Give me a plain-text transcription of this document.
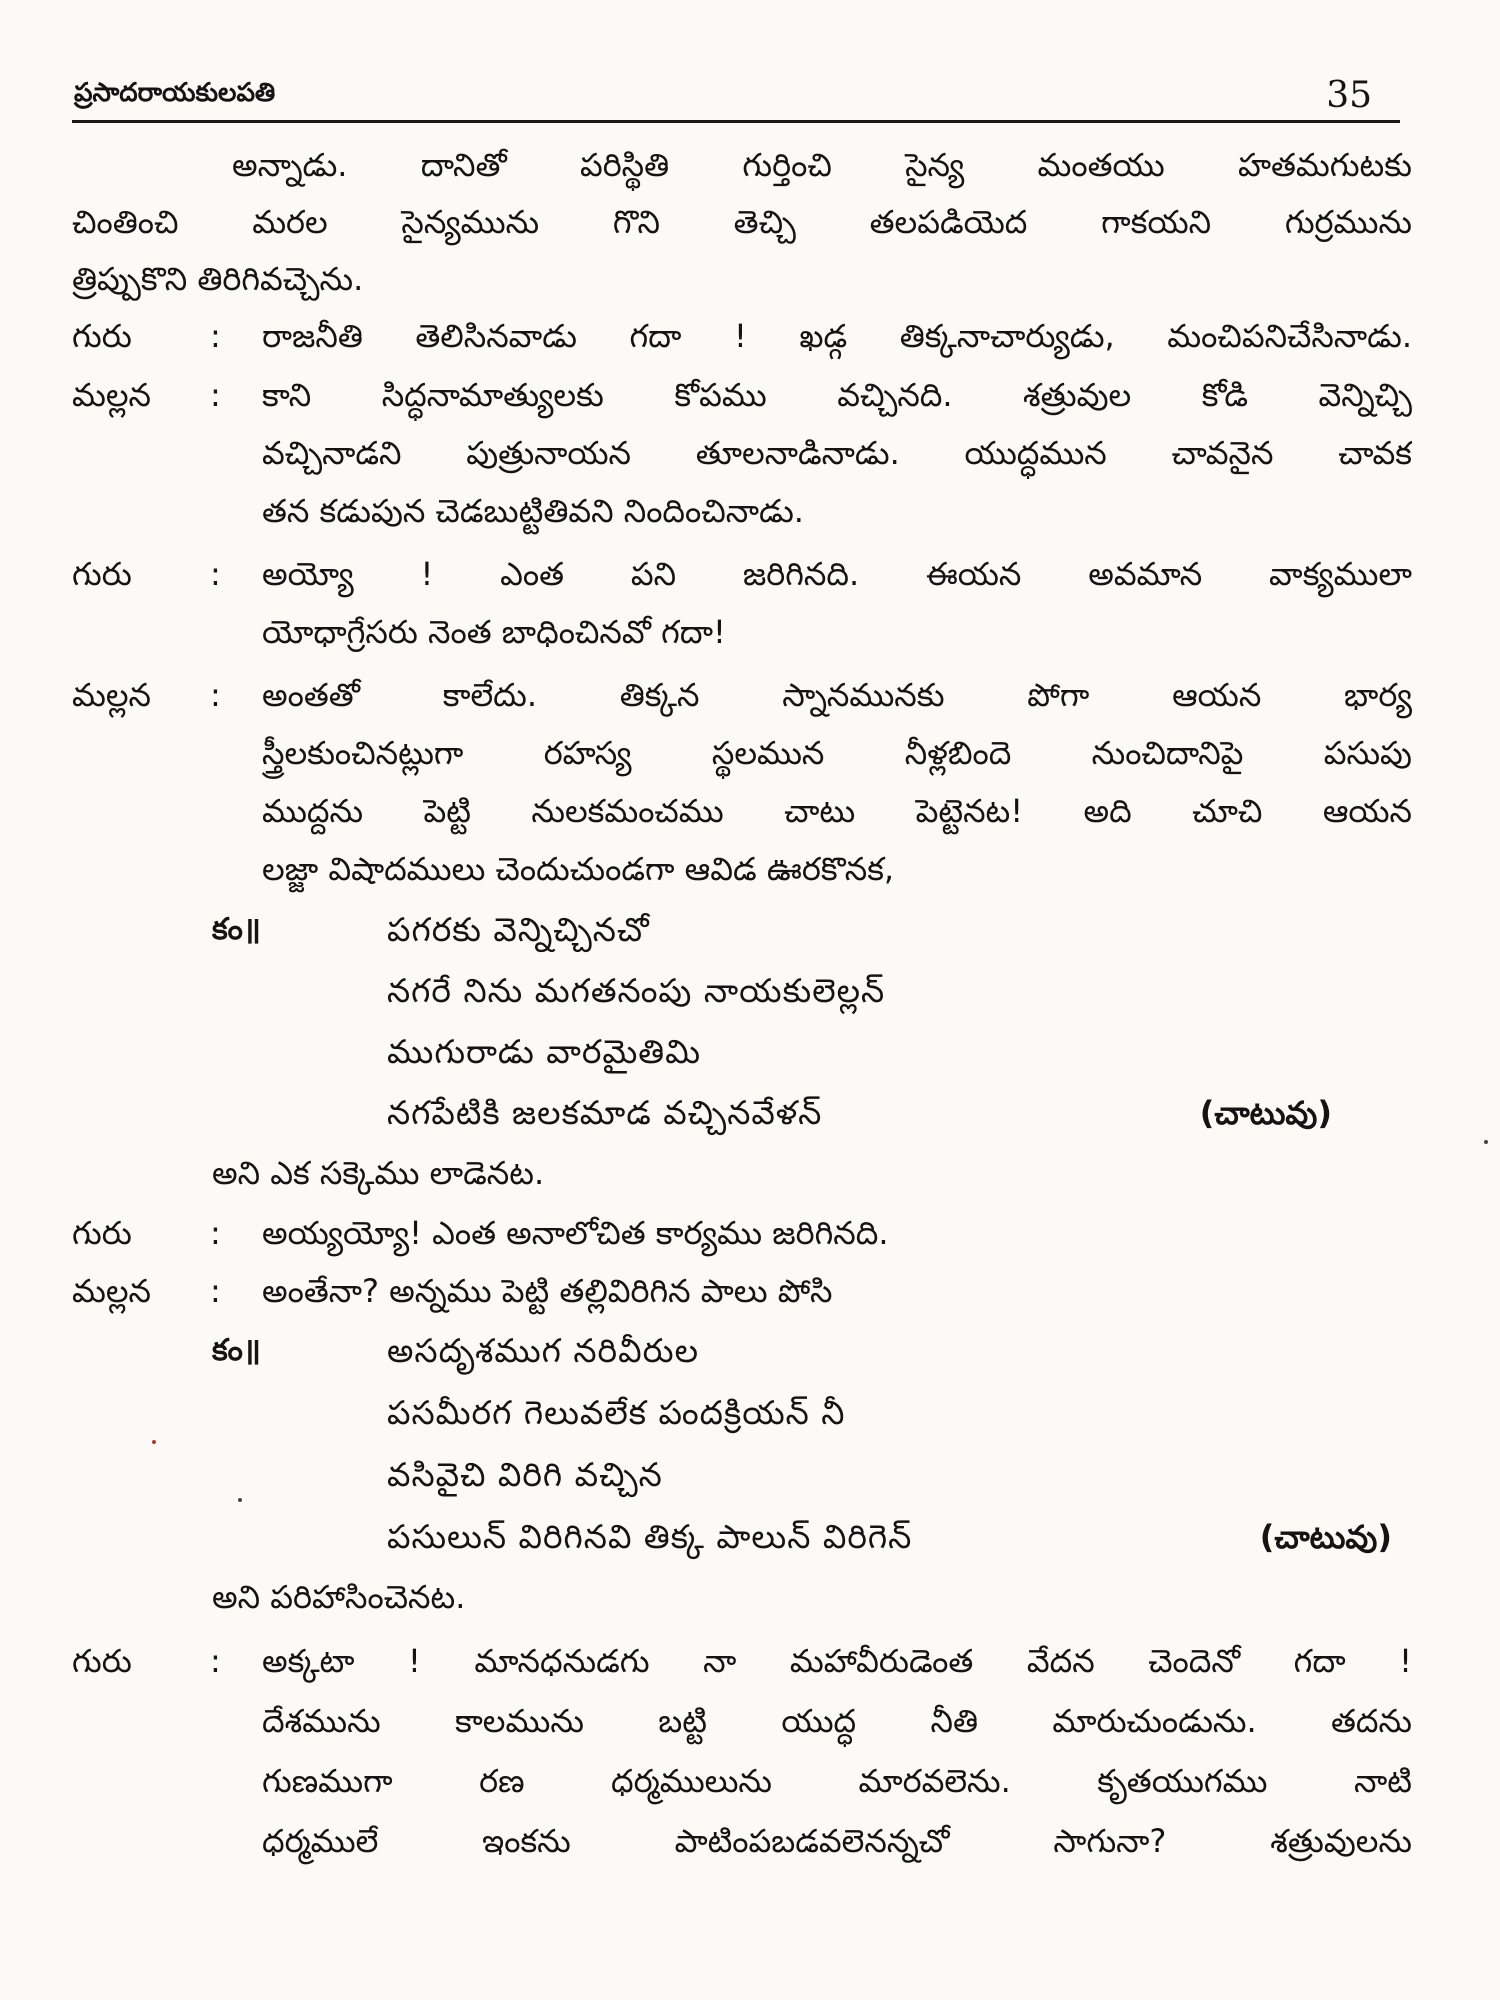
ప్రసాదరాయకులపతి	35
అన్నాడు. దానితో పరిస్థితి గుర్తించి సైన్య మంతయు హతమగుటకు
చింతించి మరల సైన్యమును గొని తెచ్చి తలపడియెద గాకయని గుర్రమును
త్రిప్పుకొని తిరిగివచ్చెను.
గురు	: రాజనీతి తెలిసినవాడు గదా ! ఖడ్గ తిక్కనాచార్యుడు, మంచిపనిచేసినాడు.
మల్లన	: కాని సిద్ధనామాత్యులకు కోపము వచ్చినది. శత్రువుల కోడి వెన్నిచ్చి
వచ్చినాడని పుత్రునాయన తూలనాడినాడు. యుద్ధమున చావనైన చావక
తన కడుపున చెడబుట్టితివని నిందించినాడు.
గురు	: అయ్యో ! ఎంత పని జరిగినది. ఈయన అవమాన వాక్యములా
యోధాగ్రేసరు నెంత బాధించినవో గదా!
మల్లన	: అంతతో కాలేదు. తిక్కన స్నానమునకు పోగా ఆయన భార్య
స్త్రీలకుంచినట్లుగా రహస్య స్థలమున నీళ్లబిందె నుంచిదానిపై పసుపు
ముద్దను పెట్టి నులకమంచము చాటు పెట్టెనట! అది చూచి ఆయన
లజ్జా విషాదములు చెందుచుండగా ఆవిడ ఊరకొనక,
కం॥	పగరకు వెన్నిచ్చినచో
నగరే నిను మగతనంపు నాయకులెల్లన్
ముగురాడు వారమైతిమి
నగపేటికి జలకమాడ వచ్చినవేళన్	(చాటువు)
అని ఎక సక్కెము లాడెనట.
గురు	: అయ్యయ్యో! ఎంత అనాలోచిత కార్యము జరిగినది.
మల్లన	: అంతేనా? అన్నము పెట్టి తల్లివిరిగిన పాలు పోసి
కం॥	అసదృశముగ నరివీరుల
పసమీరగ గెలువలేక పందక్రియన్ నీ
వసివైచి విరిగి వచ్చిన
పసులున్ విరిగినవి తిక్క పాలున్ విరిగెన్	(చాటువు)
అని పరిహాసించెనట.
గురు	: అక్కటా ! మానధనుడగు నా మహావీరుడెంత వేదన చెందెనో గదా !
దేశమును కాలమును బట్టి యుద్ధ నీతి మారుచుండును. తదను
గుణముగా రణ ధర్మములును మారవలెను. కృతయుగము నాటి
ధర్మములే ఇంకను పాటింపబడవలెనన్నచో సాగునా? శత్రువులను
